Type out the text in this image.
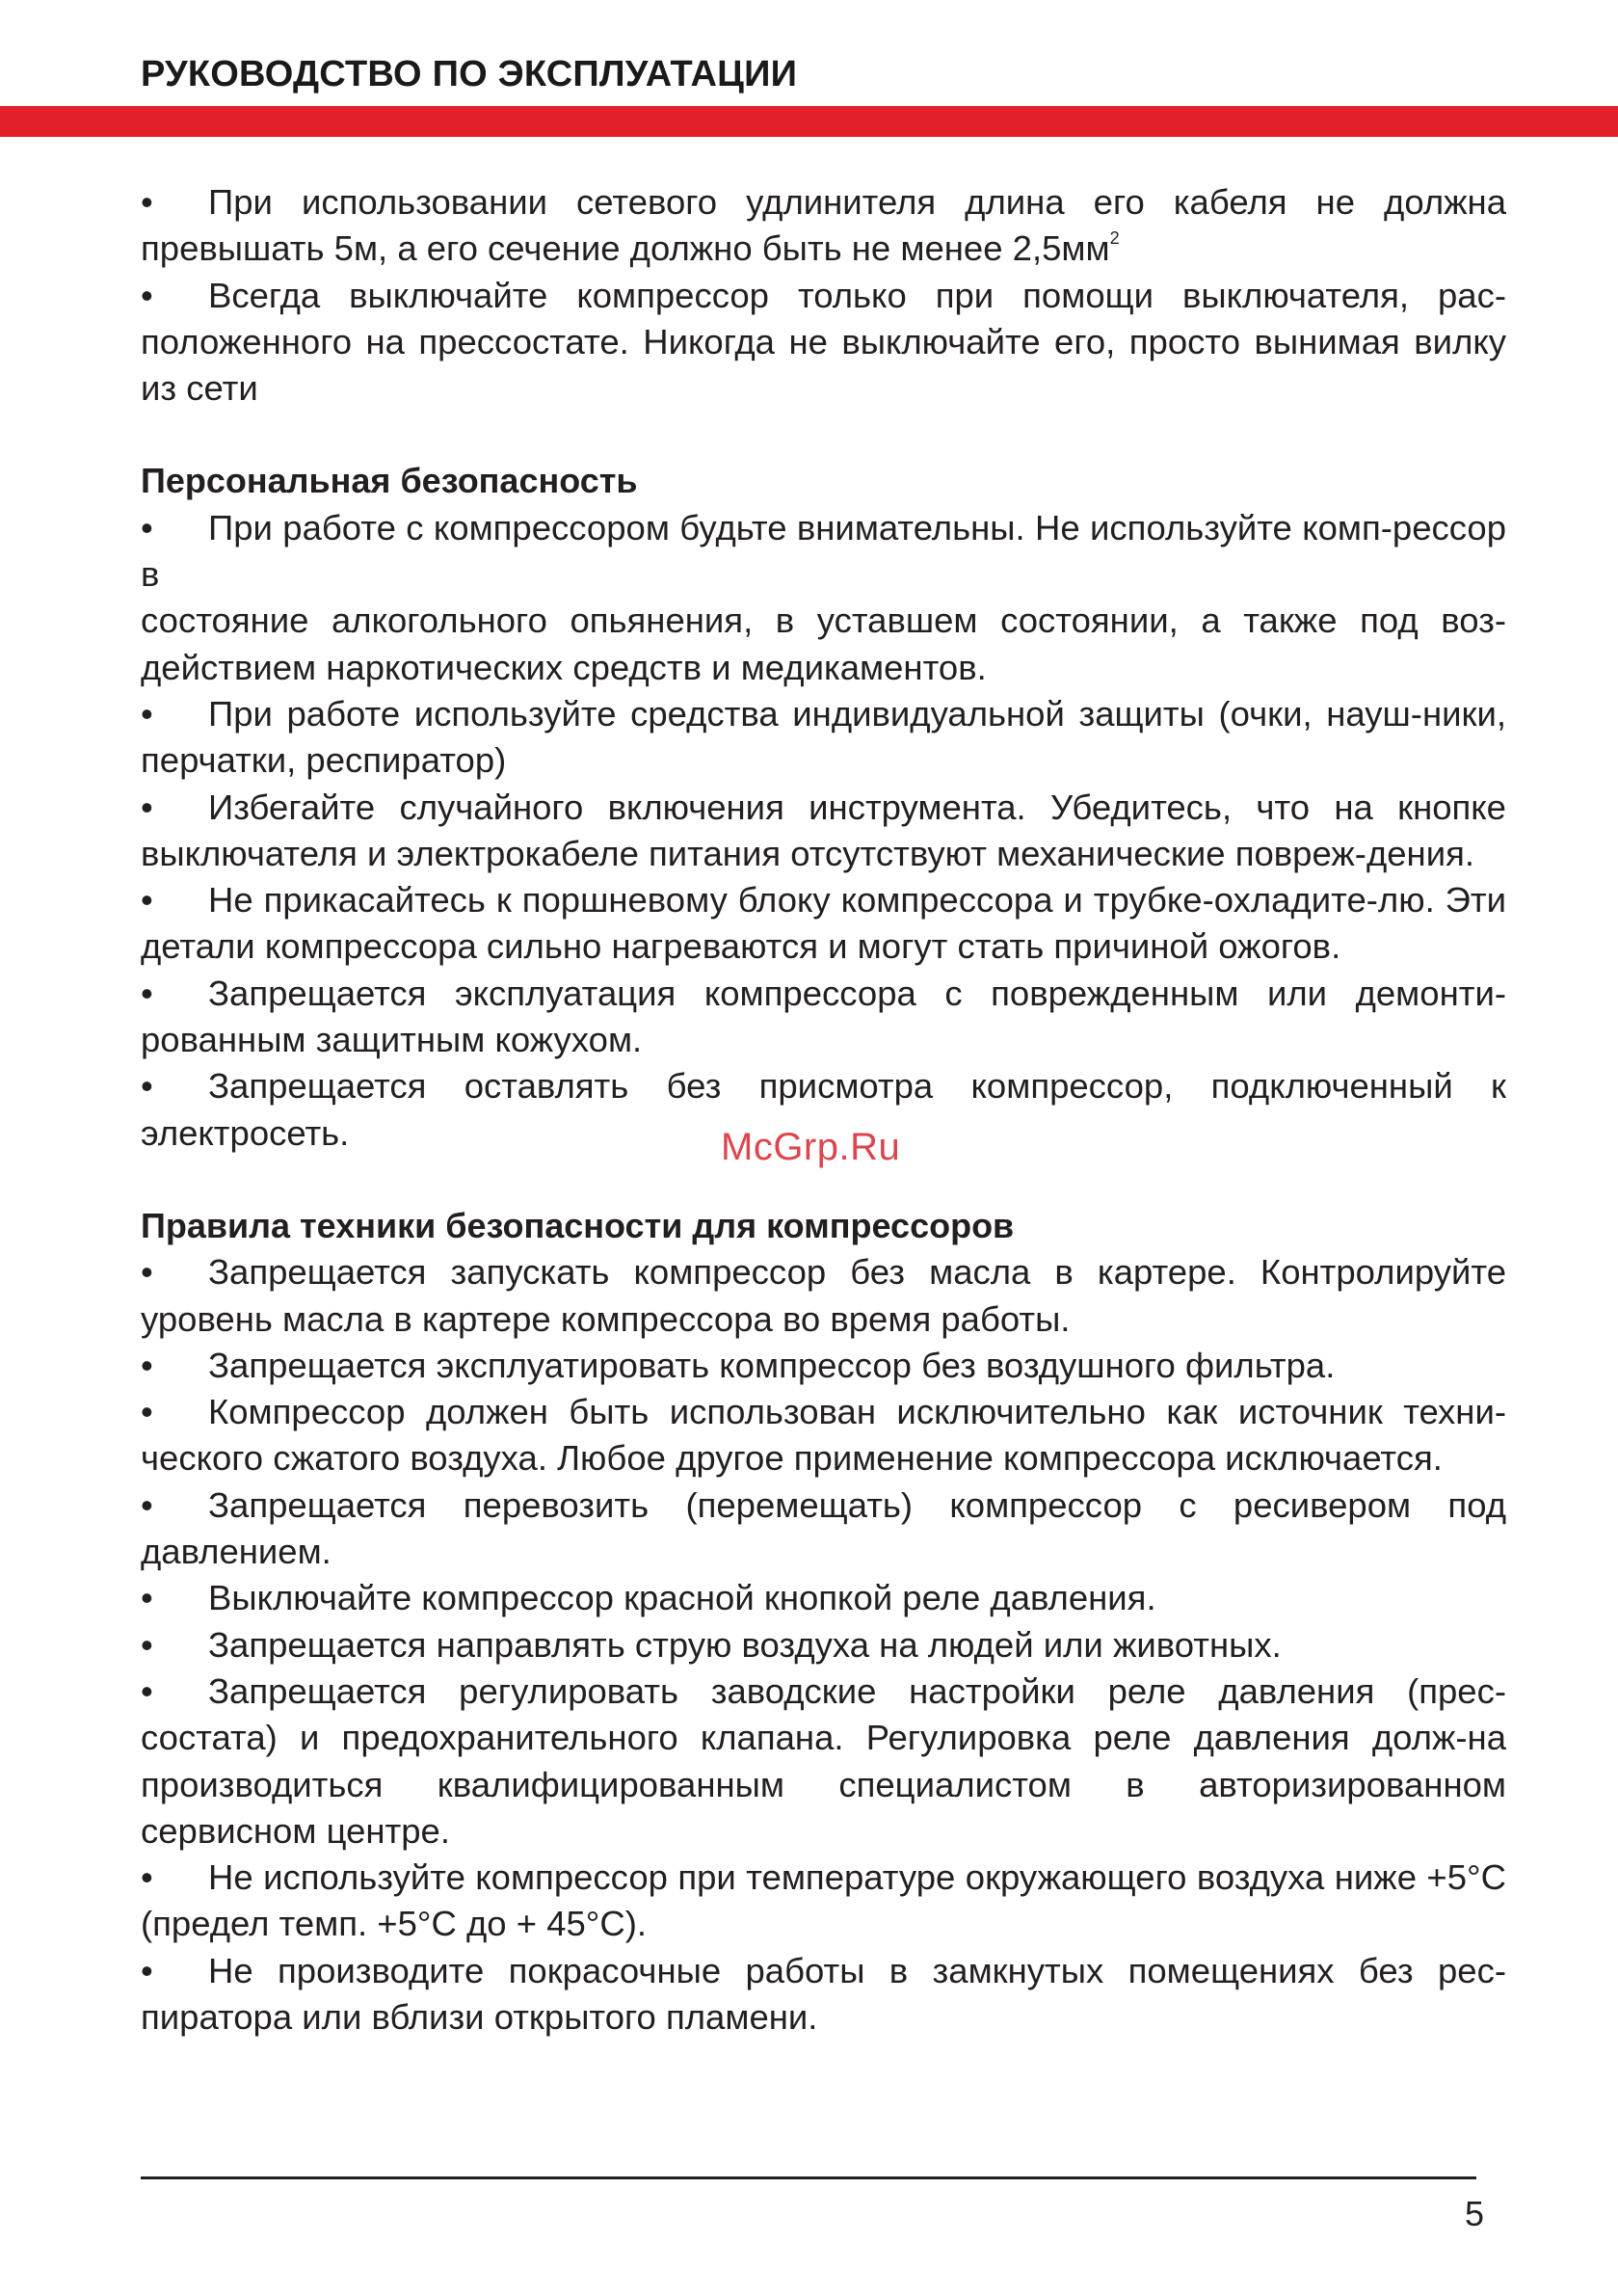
РУКОВОДСТВО ПО ЭКСПЛУАТАЦИИ

• При использовании сетевого удлинителя длина его кабеля не должна превышать 5м, а его сечение должно быть не менее $2,5мм^2$

• Всегда выключайте компрессор только при помощи выключателя, рас-положенного на прессостате. Никогда не выключайте его, просто вынимая вилку из сети

Персональная безопасность

• При работе с компрессором будьте внимательны. Не используйте комп-рессор в

состояние алкогольного опьянения, в уставшем состоянии, а также под воз-действием наркотических средств и медикаментов.

• При работе используйте средства индивидуальной защиты (очки, науш-ники, перчатки, респиратор)

• Избегайте случайного включения инструмента. Убедитесь, что на кнопке выключателя и электрокабеле питания отсутствуют механические повреж-дения.

• Не прикасайтесь к поршневому блоку компрессора и трубке-охладите-лю. Эти детали компрессора сильно нагреваются и могут стать причиной ожогов.

• Запрещается эксплуатация компрессора с поврежденным или демонти-рованным защитным кожухом.

• Запрещается оставлять без присмотра компрессор, подключенный к электросеть.

Правила техники безопасности для компрессоров

• Запрещается запускать компрессор без масла в картере. Контролируйте уровень масла в картере компрессора во время работы.

• Запрещается эксплуатировать компрессор без воздушного фильтра.

• Компрессор должен быть использован исключительно как источник техни-ческого сжатого воздуха. Любое другое применение компрессора исключается.

• Запрещается перевозить (перемещать) компрессор с ресивером под давлением.

• Выключайте компрессор красной кнопкой реле давления.

• Запрещается направлять струю воздуха на людей или животных.

• Запрещается регулировать заводские настройки реле давления (прес-состата) и предохранительного клапана. Регулировка реле давления долж-на производиться квалифицированным специалистом в авторизированном сервисном центре.

• Не используйте компрессор при температуре окружающего воздуха ниже +5°С (предел темп. +5°С до + 45°С).

• Не производите покрасочные работы в замкнутых помещениях без рес-пиратора или вблизи открытого пламени.

McGrp.Ru
5
